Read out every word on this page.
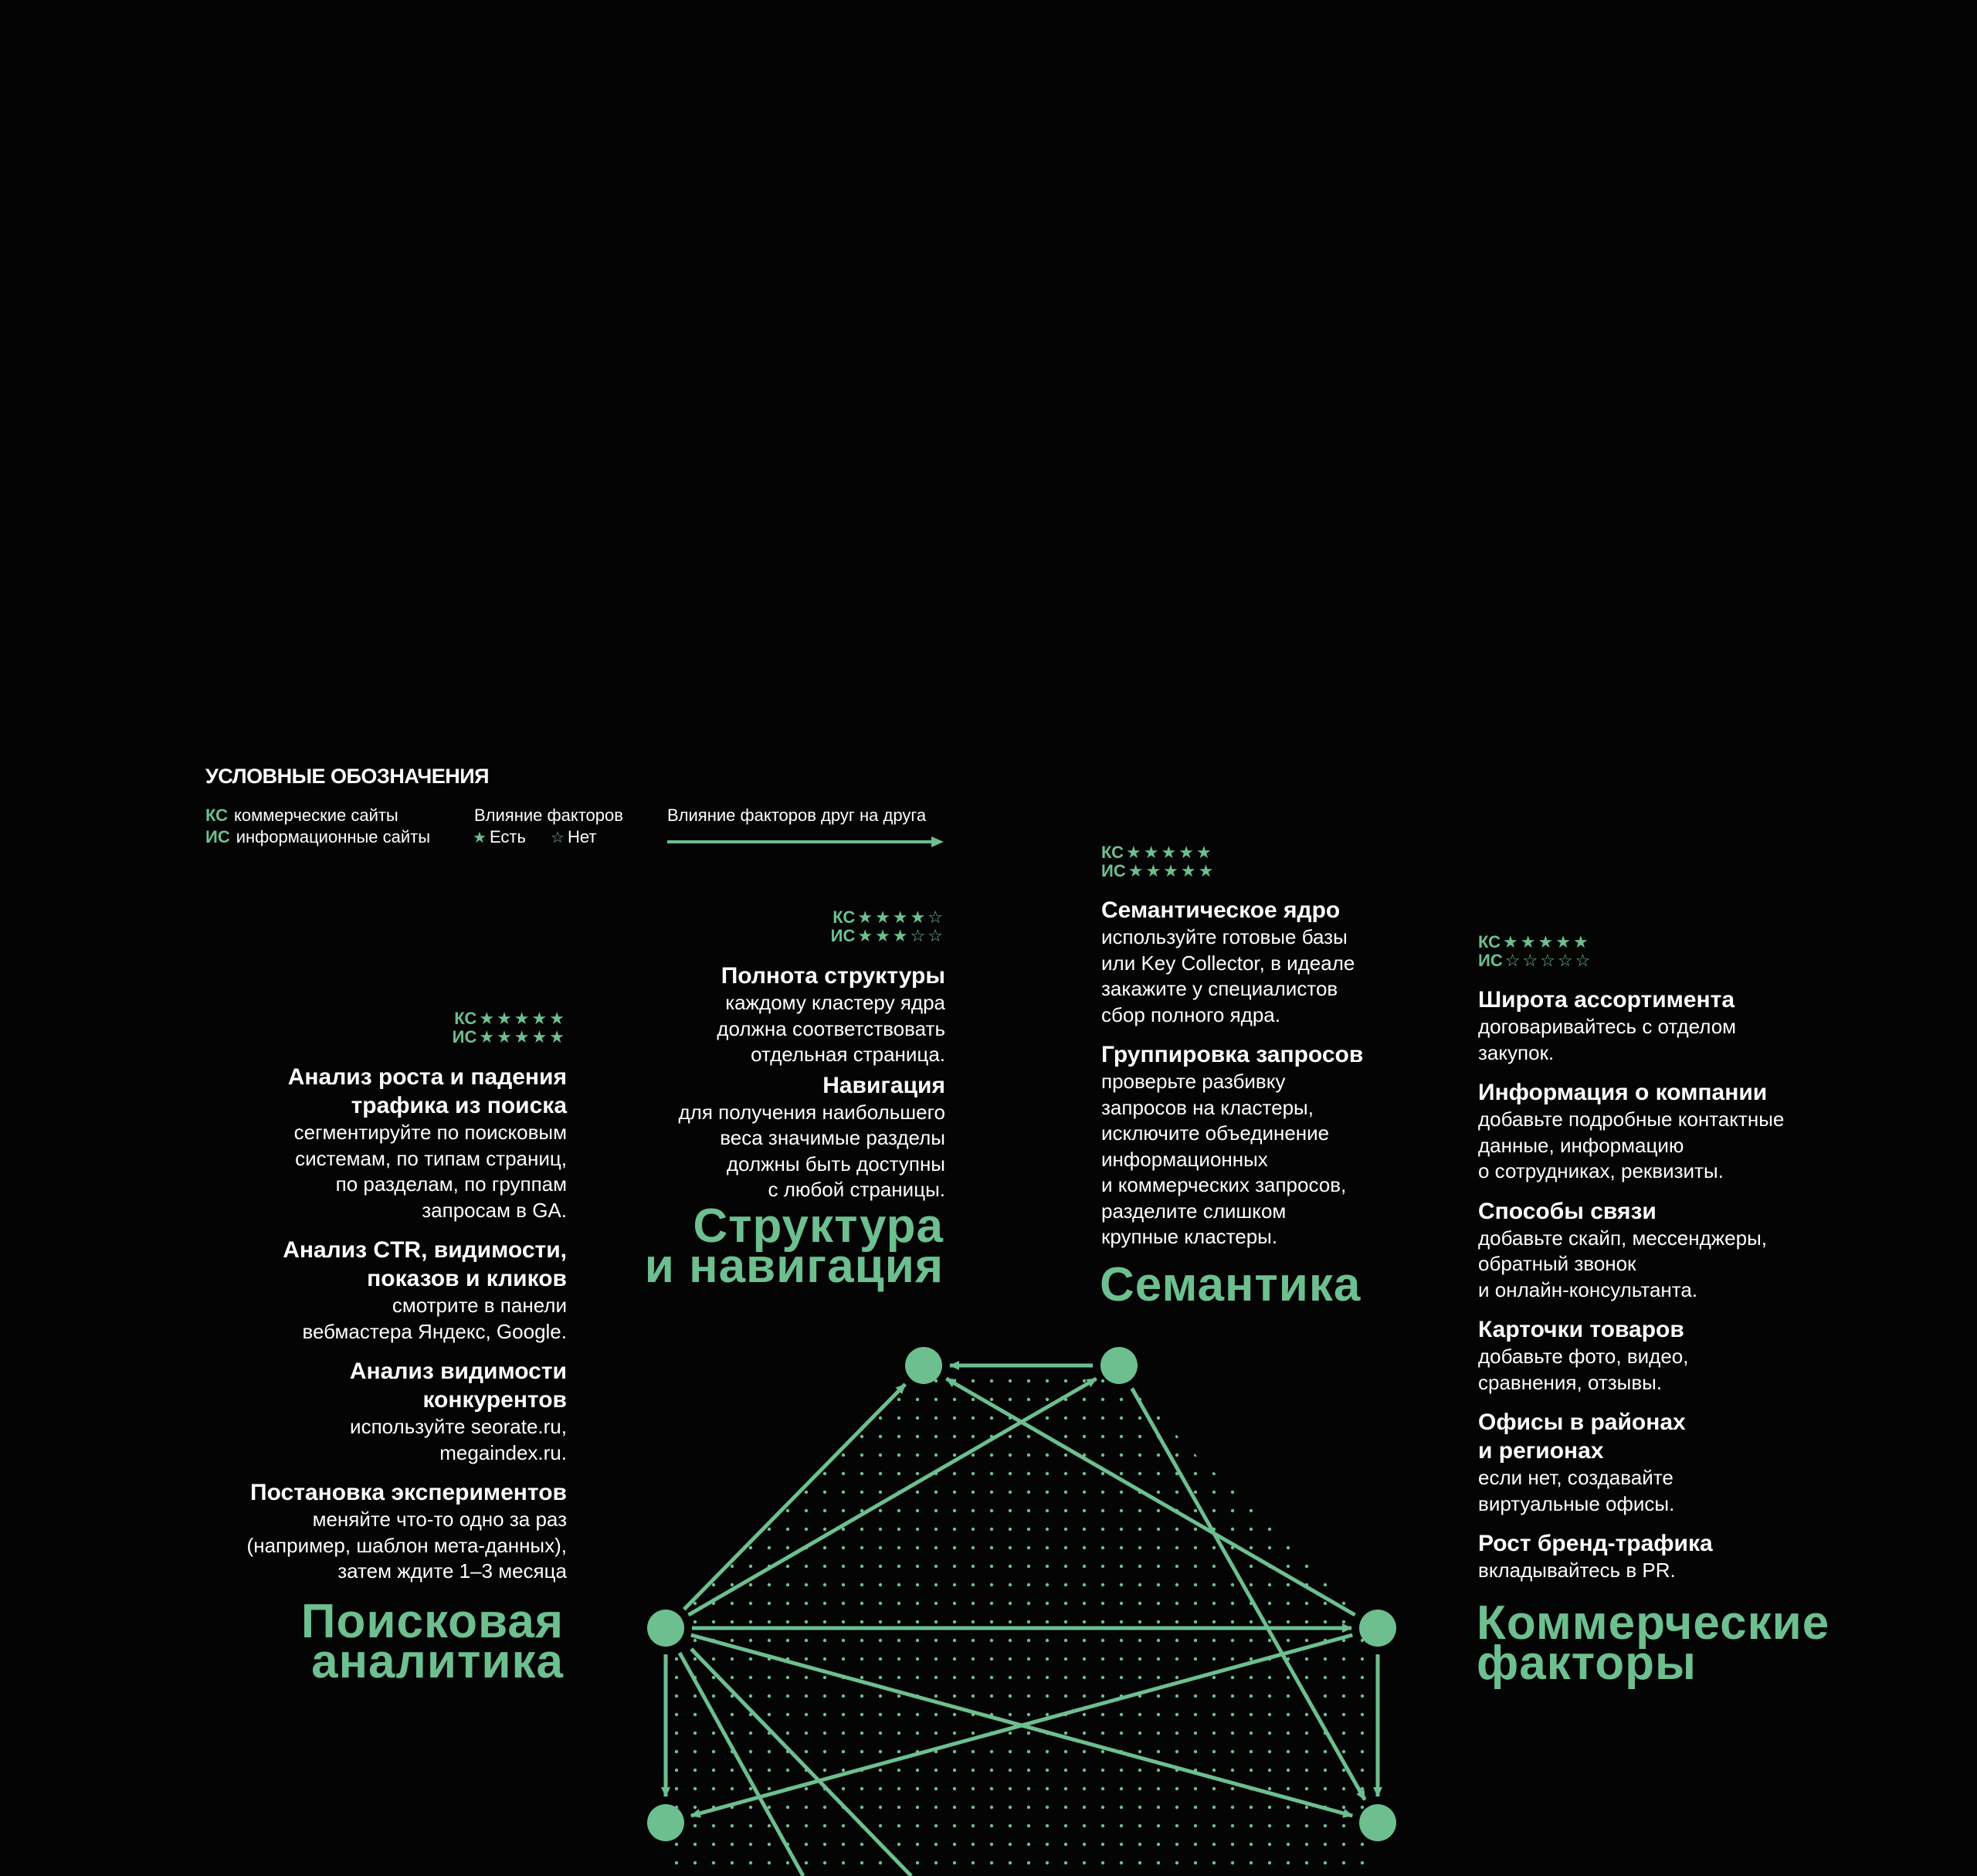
УСЛОВНЫЕ ОБОЗНАЧЕНИЯ
КС коммерческие сайты
ИС информационные сайты
Влияние факторов
★ Есть ☆ Нет
Влияние факторов друг на друга
КС ★ ★ ★ ★ ★
ИС ★ ★ ★ ★ ★
Анализ роста и падения
трафика из поиска
сегментируйте по поисковым
системам, по типам страниц,
по разделам, по группам
запросам в GA.
Анализ CTR, видимости,
показов и кликов
смотрите в панели
вебмастера Яндекс, Google.
Анализ видимости
конкурентов
используйте seorate.ru,
megaindex.ru.
Постановка экспериментов
меняйте что-то одно за раз
(например, шаблон мета-данных),
затем ждите 1–3 месяца
Поисковая
аналитика
КС ★ ★ ★ ★ ☆
ИС ★ ★ ★ ☆ ☆
Полнота структуры
каждому кластеру ядра
должна соответствовать
отдельная страница.
Навигация
для получения наибольшего
веса значимые разделы
должны быть доступны
с любой страницы.
Структура
и навигация
КС ★ ★ ★ ★ ★
ИС ★ ★ ★ ★ ★
Семантическое ядро
используйте готовые базы
или Key Collector, в идеале
закажите у специалистов
сбор полного ядра.
Группировка запросов
проверьте разбивку
запросов на кластеры,
исключите объединение
информационных
и коммерческих запросов,
разделите слишком
крупные кластеры.
Семантика
КС ★ ★ ★ ★ ★
ИС ☆ ☆ ☆ ☆ ☆
Широта ассортимента
договаривайтесь с отделом
закупок.
Информация о компании
добавьте подробные контактные
данные, информацию
о сотрудниках, реквизиты.
Способы связи
добавьте скайп, мессенджеры,
обратный звонок
и онлайн-консультанта.
Карточки товаров
добавьте фото, видео,
сравнения, отзывы.
Офисы в районах
и регионах
если нет, создавайте
виртуальные офисы.
Рост бренд-трафика
вкладывайтесь в PR.
Коммерческие
факторы
